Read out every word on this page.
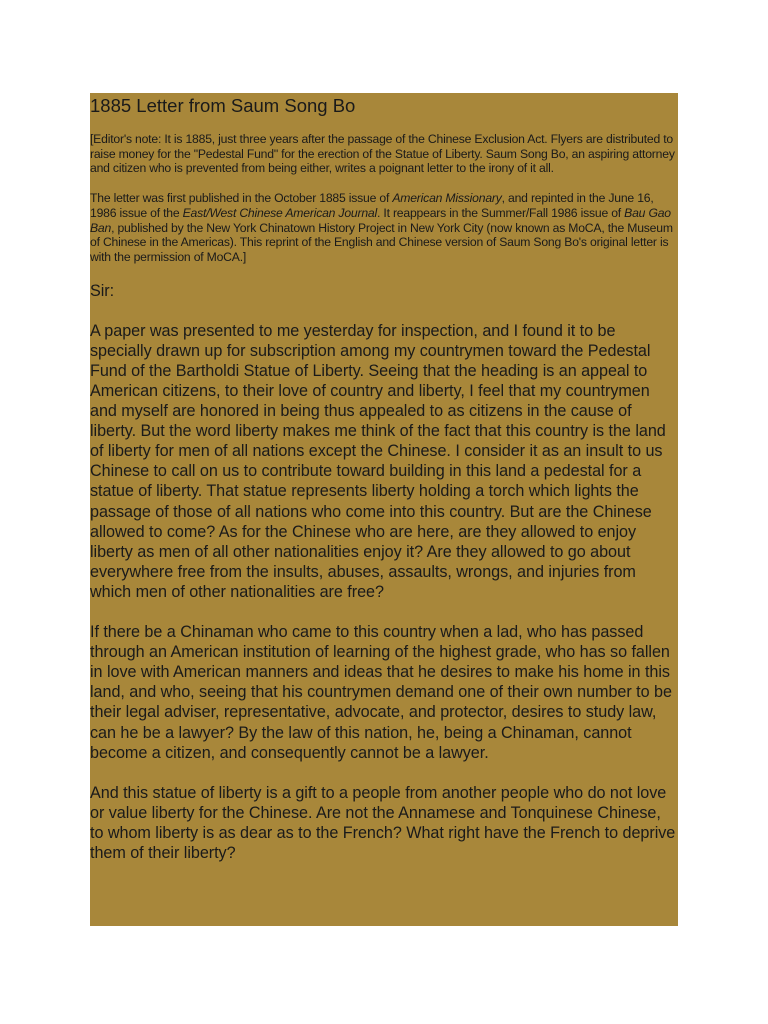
1885 Letter from Saum Song Bo

[Editor's note: It is 1885, just three years after the passage of the Chinese Exclusion Act. Flyers are distributed to raise money for the "Pedestal Fund" for the erection of the Statue of Liberty. Saum Song Bo, an aspiring attorney and citizen who is prevented from being either, writes a poignant letter to the irony of it all.

The letter was first published in the October 1885 issue of American Missionary, and repinted in the June 16, 1986 issue of the East/West Chinese American Journal. It reappears in the Summer/Fall 1986 issue of Bau Gao Ban, published by the New York Chinatown History Project in New York City (now known as MoCA, the Museum of Chinese in the Americas). This reprint of the English and Chinese version of Saum Song Bo's original letter is with the permission of MoCA.]

Sir:

A paper was presented to me yesterday for inspection, and I found it to be specially drawn up for subscription among my countrymen toward the Pedestal Fund of the Bartholdi Statue of Liberty. Seeing that the heading is an appeal to American citizens, to their love of country and liberty, I feel that my countrymen and myself are honored in being thus appealed to as citizens in the cause of liberty. But the word liberty makes me think of the fact that this country is the land of liberty for men of all nations except the Chinese. I consider it as an insult to us Chinese to call on us to contribute toward building in this land a pedestal for a statue of liberty. That statue represents liberty holding a torch which lights the passage of those of all nations who come into this country. But are the Chinese allowed to come? As for the Chinese who are here, are they allowed to enjoy liberty as men of all other nationalities enjoy it? Are they allowed to go about everywhere free from the insults, abuses, assaults, wrongs, and injuries from which men of other nationalities are free?

If there be a Chinaman who came to this country when a lad, who has passed through an American institution of learning of the highest grade, who has so fallen in love with American manners and ideas that he desires to make his home in this land, and who, seeing that his countrymen demand one of their own number to be their legal adviser, representative, advocate, and protector, desires to study law, can he be a lawyer? By the law of this nation, he, being a Chinaman, cannot become a citizen, and consequently cannot be a lawyer.

And this statue of liberty is a gift to a people from another people who do not love or value liberty for the Chinese. Are not the Annamese and Tonquinese Chinese, to whom liberty is as dear as to the French? What right have the French to deprive them of their liberty?
